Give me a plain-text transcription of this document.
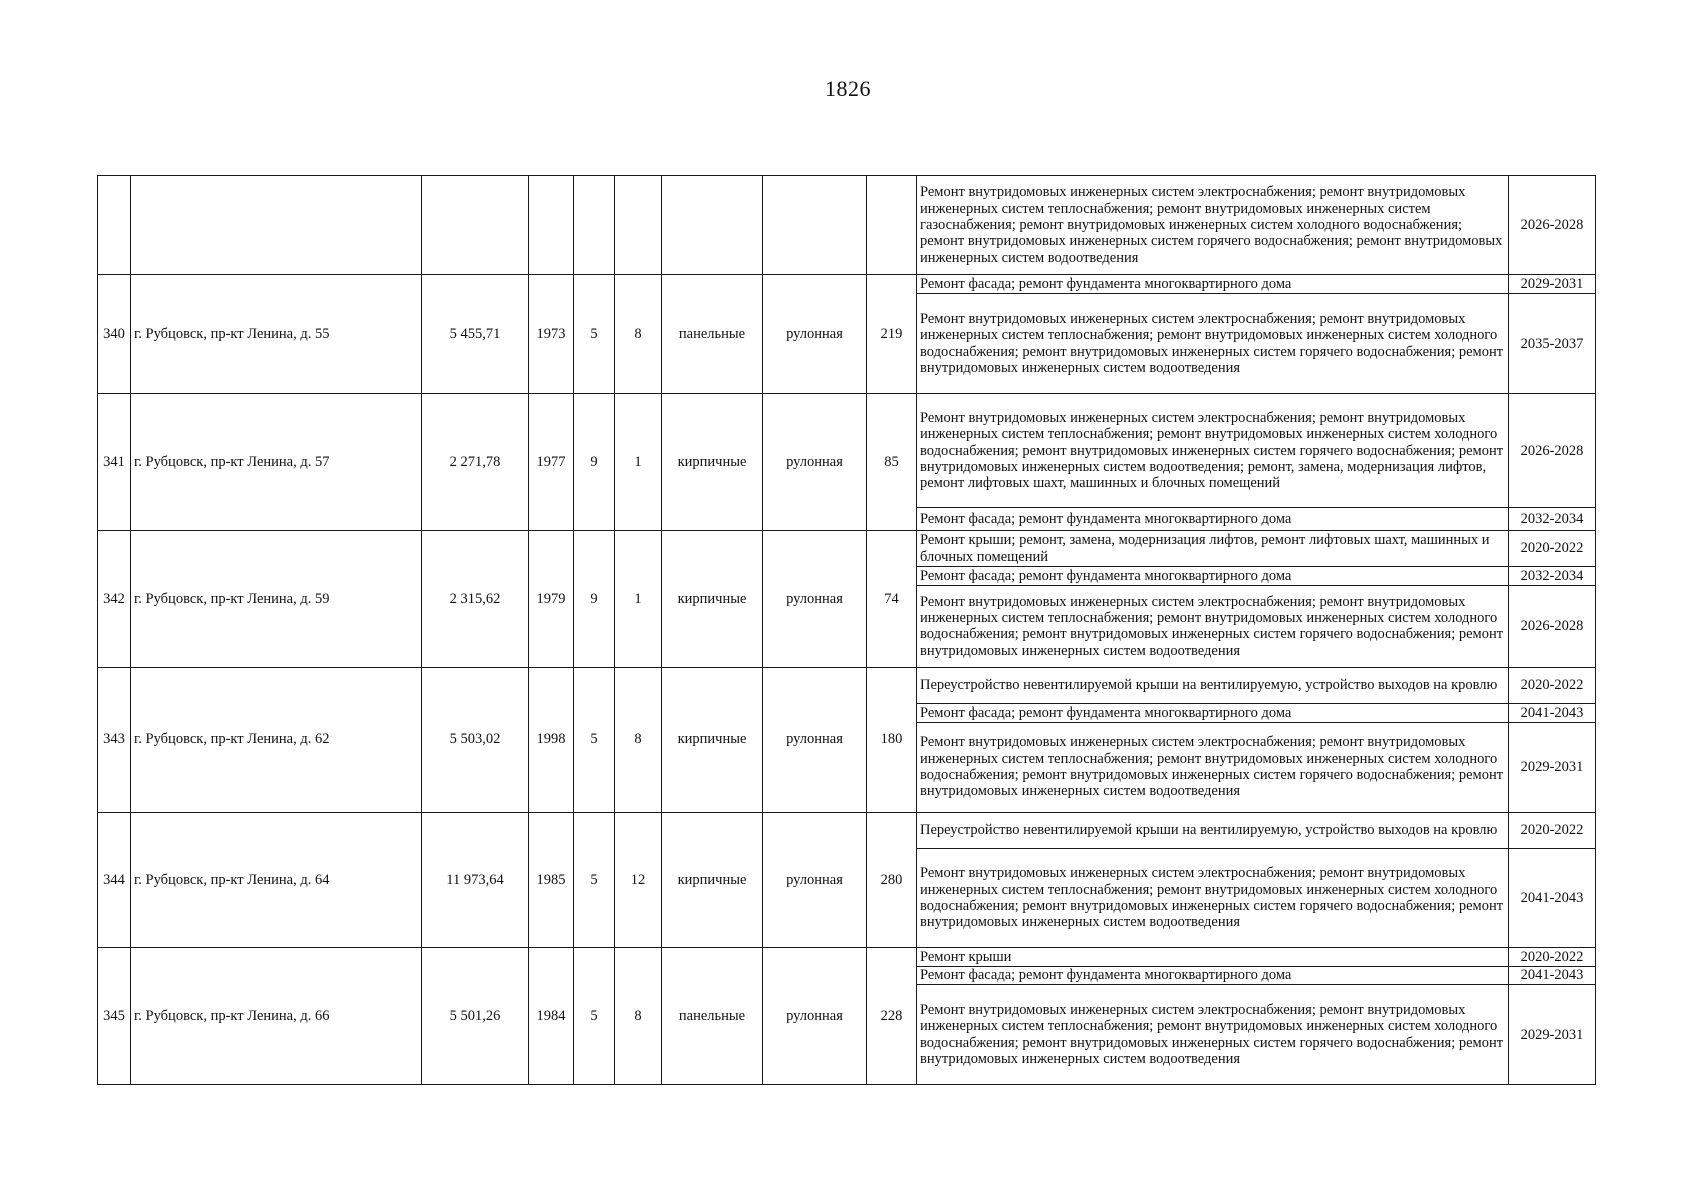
1826
									Ремонт внутридомовых инженерных систем электроснабжения; ремонт внутридомовых инженерных систем теплоснабжения; ремонт внутридомовых инженерных систем газоснабжения; ремонт внутридомовых инженерных систем холодного водоснабжения; ремонт внутридомовых инженерных систем горячего водоснабжения; ремонт внутридомовых инженерных систем водоотведения	2026-2028
340	г. Рубцовск, пр-кт Ленина, д. 55	5 455,71	1973	5	8	панельные	рулонная	219	Ремонт фасада; ремонт фундамента многоквартирного дома	2029-2031
									Ремонт внутридомовых инженерных систем электроснабжения; ремонт внутридомовых инженерных систем теплоснабжения; ремонт внутридомовых инженерных систем холодного водоснабжения; ремонт внутридомовых инженерных систем горячего водоснабжения; ремонт внутридомовых инженерных систем водоотведения	2035-2037
341	г. Рубцовск, пр-кт Ленина, д. 57	2 271,78	1977	9	1	кирпичные	рулонная	85	Ремонт внутридомовых инженерных систем электроснабжения; ремонт внутридомовых инженерных систем теплоснабжения; ремонт внутридомовых инженерных систем холодного водоснабжения; ремонт внутридомовых инженерных систем горячего водоснабжения; ремонт внутридомовых инженерных систем водоотведения; ремонт, замена, модернизация лифтов, ремонт лифтовых шахт, машинных и блочных помещений	2026-2028
									Ремонт фасада; ремонт фундамента многоквартирного дома	2032-2034
342	г. Рубцовск, пр-кт Ленина, д. 59	2 315,62	1979	9	1	кирпичные	рулонная	74	Ремонт крыши; ремонт, замена, модернизация лифтов, ремонт лифтовых шахт, машинных и блочных помещений	2020-2022
									Ремонт фасада; ремонт фундамента многоквартирного дома	2032-2034
									Ремонт внутридомовых инженерных систем электроснабжения; ремонт внутридомовых инженерных систем теплоснабжения; ремонт внутридомовых инженерных систем холодного водоснабжения; ремонт внутридомовых инженерных систем горячего водоснабжения; ремонт внутридомовых инженерных систем водоотведения	2026-2028
343	г. Рубцовск, пр-кт Ленина, д. 62	5 503,02	1998	5	8	кирпичные	рулонная	180	Переустройство невентилируемой крыши на вентилируемую, устройство выходов на кровлю	2020-2022
									Ремонт фасада; ремонт фундамента многоквартирного дома	2041-2043
									Ремонт внутридомовых инженерных систем электроснабжения; ремонт внутридомовых инженерных систем теплоснабжения; ремонт внутридомовых инженерных систем холодного водоснабжения; ремонт внутридомовых инженерных систем горячего водоснабжения; ремонт внутридомовых инженерных систем водоотведения	2029-2031
344	г. Рубцовск, пр-кт Ленина, д. 64	11 973,64	1985	5	12	кирпичные	рулонная	280	Переустройство невентилируемой крыши на вентилируемую, устройство выходов на кровлю	2020-2022
									Ремонт внутридомовых инженерных систем электроснабжения; ремонт внутридомовых инженерных систем теплоснабжения; ремонт внутридомовых инженерных систем холодного водоснабжения; ремонт внутридомовых инженерных систем горячего водоснабжения; ремонт внутридомовых инженерных систем водоотведения	2041-2043
345	г. Рубцовск, пр-кт Ленина, д. 66	5 501,26	1984	5	8	панельные	рулонная	228	Ремонт крыши	2020-2022
									Ремонт фасада; ремонт фундамента многоквартирного дома	2041-2043
									Ремонт внутридомовых инженерных систем электроснабжения; ремонт внутридомовых инженерных систем теплоснабжения; ремонт внутридомовых инженерных систем холодного водоснабжения; ремонт внутридомовых инженерных систем горячего водоснабжения; ремонт внутридомовых инженерных систем водоотведения	2029-2031
